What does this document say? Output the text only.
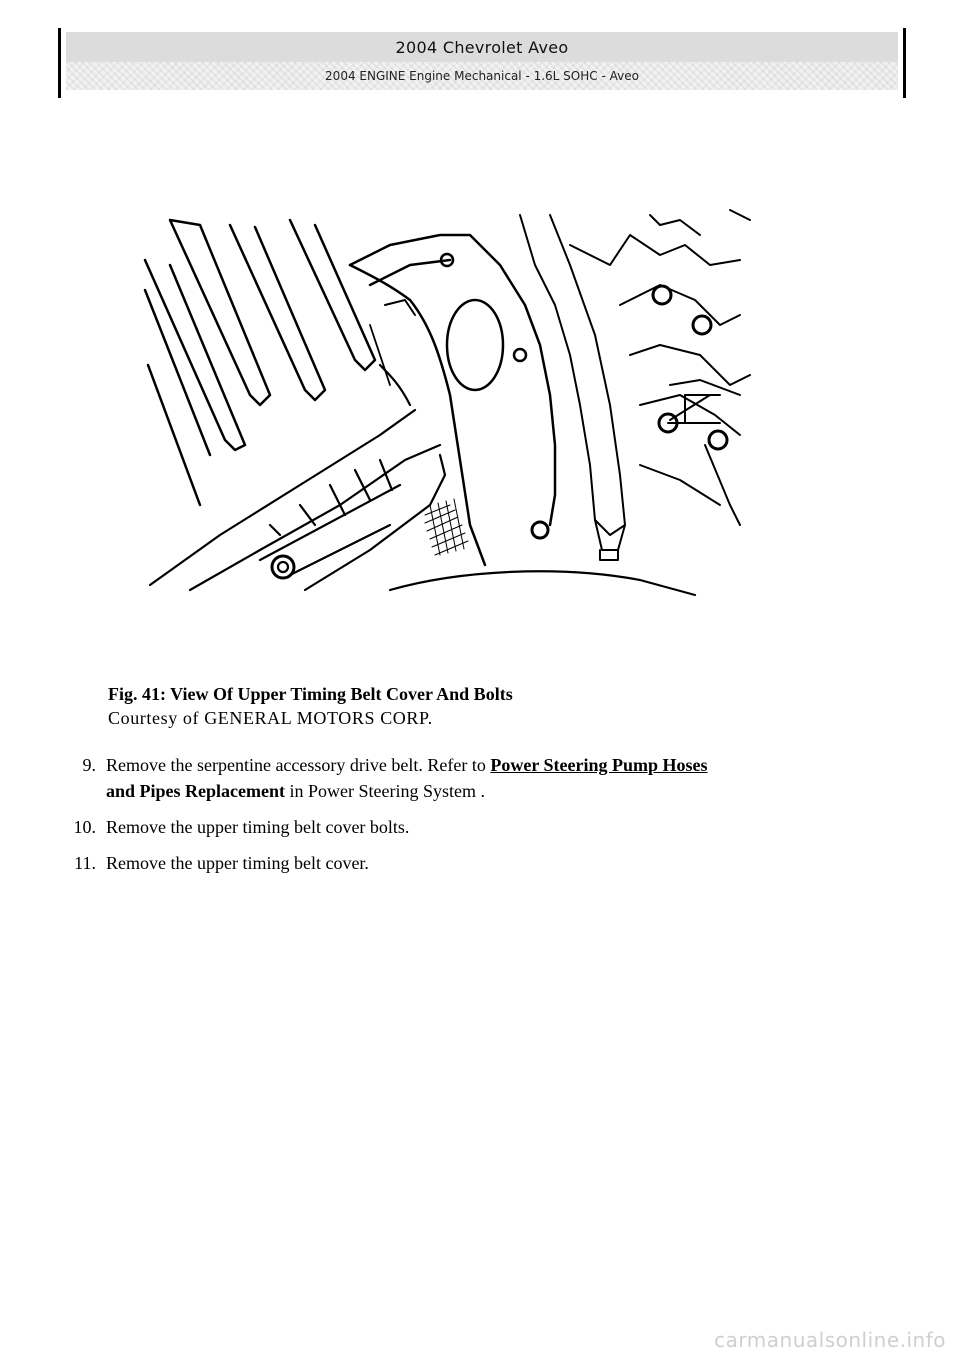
2004 Chevrolet Aveo
2004 ENGINE Engine Mechanical - 1.6L SOHC - Aveo
Fig. 41: View Of Upper Timing Belt Cover And Bolts
Courtesy of GENERAL MOTORS CORP.
9. Remove the serpentine accessory drive belt. Refer to Power Steering Pump Hoses
and Pipes Replacement in Power Steering System .
10. Remove the upper timing belt cover bolts.
11. Remove the upper timing belt cover.
carmanualsonline.info
